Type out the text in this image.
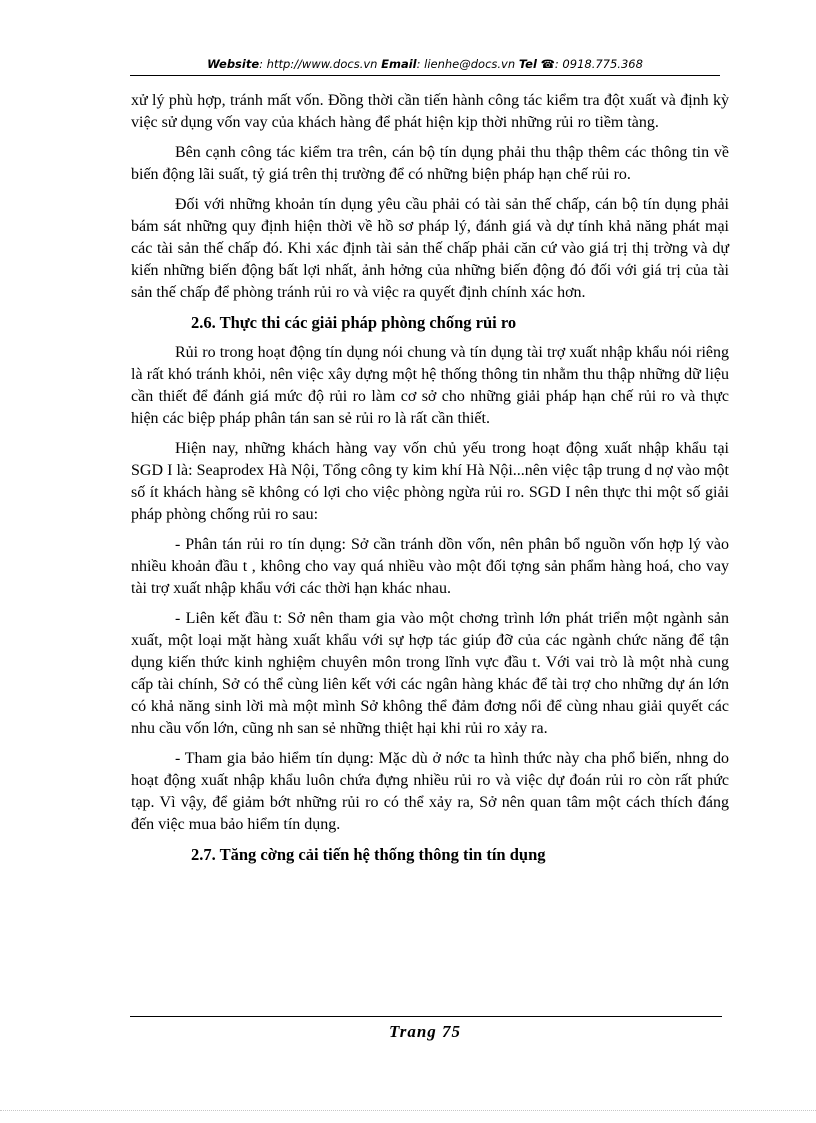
Website: http://www.docs.vn Email: lienhe@docs.vn Tel ☎: 0918.775.368

xử lý phù hợp, tránh mất vốn. Đồng thời cần tiến hành công tác kiểm tra đột xuất và định kỳ việc sử dụng vốn vay của khách hàng để phát hiện kịp thời những rủi ro tiềm tàng.

Bên cạnh công tác kiểm tra trên, cán bộ tín dụng phải thu thập thêm các thông tin về biến động lãi suất, tỷ giá trên thị trường để có những biện pháp hạn chế rủi ro.

Đối với những khoản tín dụng yêu cầu phải có tài sản thế chấp, cán bộ tín dụng phải bám sát những quy định hiện thời về hồ sơ pháp lý, đánh giá và dự tính khả năng phát mại các tài sản thế chấp đó. Khi xác định tài sản thế chấp phải căn cứ vào giá trị thị trờng và dự kiến những biến động bất lợi nhất, ảnh hởng của những biến động đó đối với giá trị của tài sản thế chấp để phòng tránh rủi ro và việc ra quyết định chính xác hơn.

2.6. Thực thi các giải pháp phòng chống rủi ro

Rủi ro trong hoạt động tín dụng nói chung và tín dụng tài trợ xuất nhập khẩu nói riêng là rất khó tránh khỏi, nên việc xây dựng một hệ thống thông tin nhằm thu thập những dữ liệu cần thiết để đánh giá mức độ rủi ro làm cơ sở cho những giải pháp hạn chế rủi ro và thực hiện các biệp pháp phân tán san sẻ rủi ro là rất cần thiết.

Hiện nay, những khách hàng vay vốn chủ yếu trong hoạt động xuất nhập khẩu tại SGD I là: Seaprodex Hà Nội, Tổng công ty kim khí Hà Nội...nên việc tập trung d nợ vào một số ít khách hàng sẽ không có lợi cho việc phòng ngừa rủi ro. SGD I nên thực thi một số giải pháp phòng chống rủi ro sau:

- Phân tán rủi ro tín dụng: Sở cần tránh dồn vốn, nên phân bổ nguồn vốn hợp lý vào nhiều khoản đầu t , không cho vay quá nhiều vào một đối tợng sản phẩm hàng hoá, cho vay tài trợ xuất nhập khẩu với các thời hạn khác nhau.

- Liên kết đầu t: Sở nên tham gia vào một chơng trình lớn phát triển một ngành sản xuất, một loại mặt hàng xuất khẩu với sự hợp tác giúp đỡ của các ngành chức năng để tận dụng kiến thức kinh nghiệm chuyên môn trong lĩnh vực đầu t. Với vai trò là một nhà cung cấp tài chính, Sở có thể cùng liên kết với các ngân hàng khác để tài trợ cho những dự án lớn có khả năng sinh lời mà một mình Sở không thể đảm đơng nổi để cùng nhau giải quyết các nhu cầu vốn lớn, cũng nh san sẻ những thiệt hại khi rủi ro xảy ra.

- Tham gia bảo hiểm tín dụng: Mặc dù ở nớc ta hình thức này cha phổ biến, nhng do hoạt động xuất nhập khẩu luôn chứa đựng nhiều rủi ro và việc dự đoán rủi ro còn rất phức tạp. Vì vậy, để giảm bớt những rủi ro có thể xảy ra, Sở nên quan tâm một cách thích đáng đến việc mua bảo hiểm tín dụng.

2.7. Tăng cờng cải tiến hệ thống thông tin tín dụng
Trang 75
